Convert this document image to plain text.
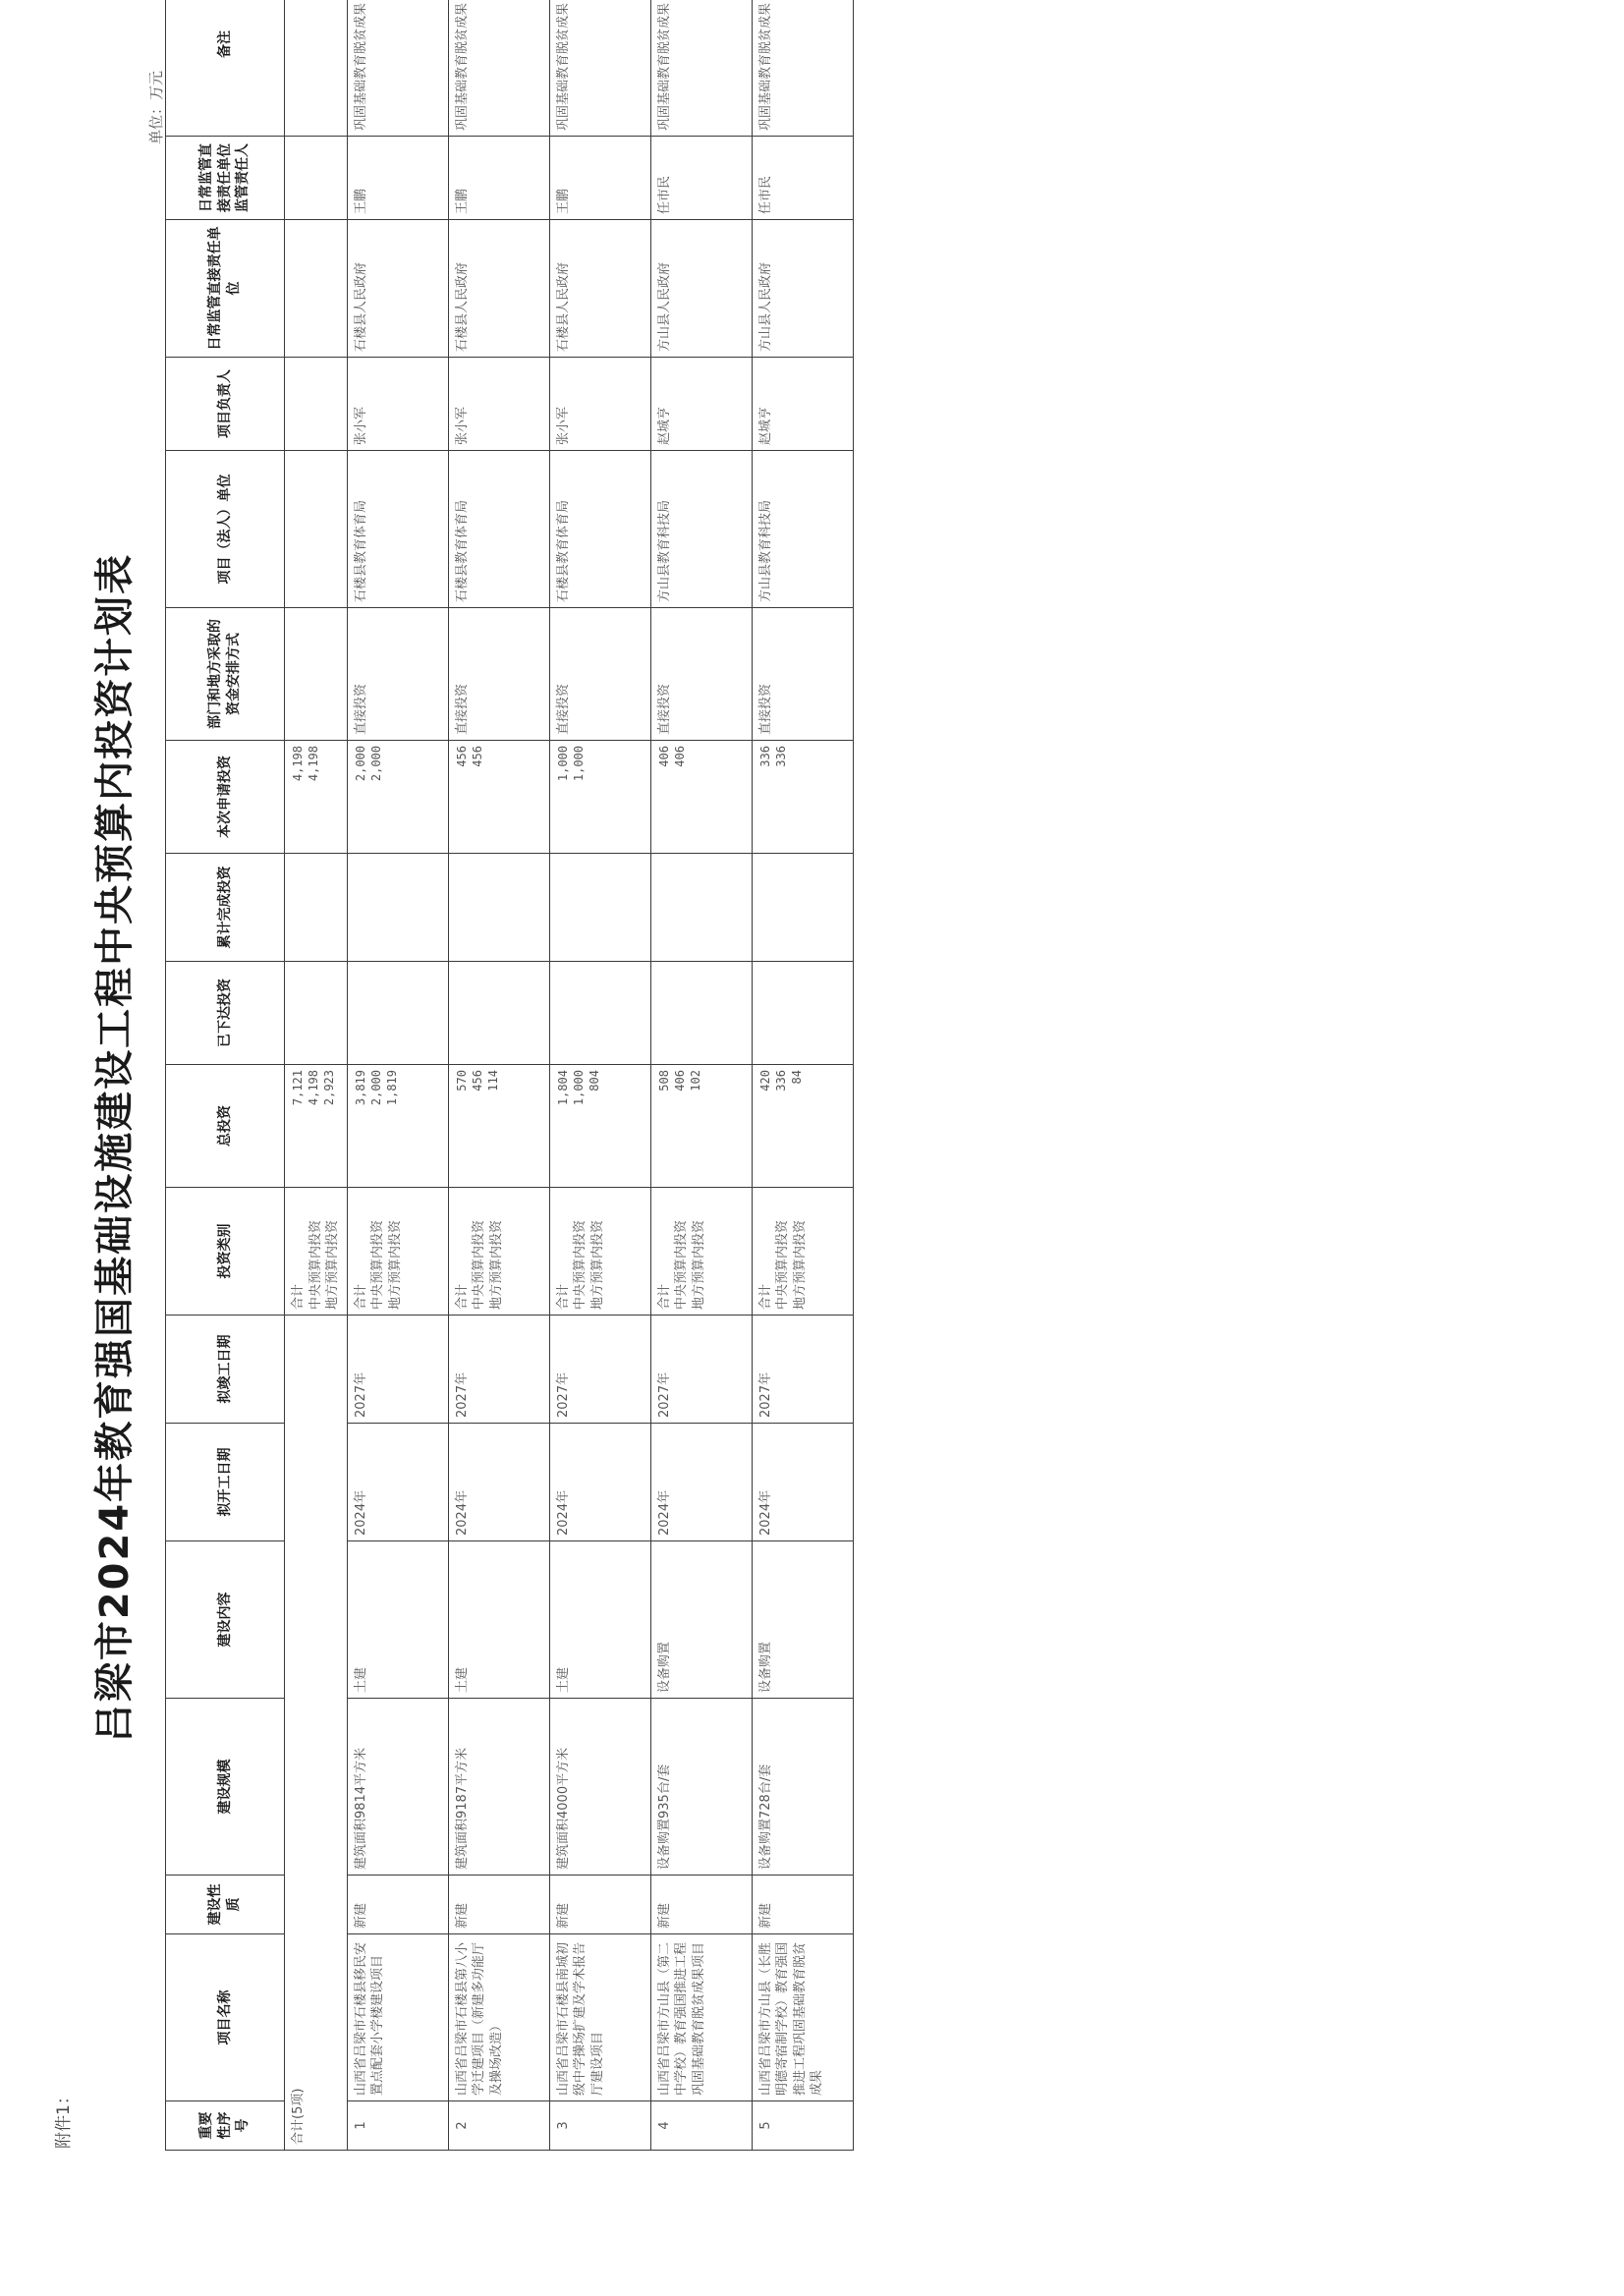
附件1：
吕梁市2024年教育强国基础设施建设工程中央预算内投资计划表
单位：万元
重要性序号	项目名称	建设性质	建设规模	建设内容	拟开工日期	拟竣工日期	投资类别	总投资	已下达投资	累计完成投资	本次申请投资	部门和地方采取的资金安排方式	项目（法人）单位	项目负责人	日常监管直接责任单位	日常监管直接责任单位监管责任人	备注
合计(5项)							合计 中央预算内投资 地方预算内投资	7,121 4,198 2,923			4,198 4,198						

1	山西省吕梁市石楼县移民安置点配套小学楼建设项目	新建	建筑面积9814平方米	土建	2024年	2027年	合计 中央预算内投资 地方预算内投资	3,819 2,000 1,819			2,000 2,000	直接投资	石楼县教育体育局	张小军	石楼县人民政府	王鹏	巩固基础教育脱贫成果
2	山西省吕梁市石楼县第八小学迁建项目（新建多功能厅及操场改造）	新建	建筑面积9187平方米	土建	2024年	2027年	合计 中央预算内投资 地方预算内投资	570 456 114			456 456	直接投资	石楼县教育体育局	张小军	石楼县人民政府	王鹏	巩固基础教育脱贫成果
3	山西省吕梁市石楼县南城初级中学操场扩建及学术报告厅建设项目	新建	建筑面积4000平方米	土建	2024年	2027年	合计 中央预算内投资 地方预算内投资	1,804 1,000 804			1,000 1,000	直接投资	石楼县教育体育局	张小军	石楼县人民政府	王鹏	巩固基础教育脱贫成果
4	山西省吕梁市方山县（第二中学校）教育强国推进工程巩固基础教育脱贫成果项目	新建	设备购置935台/套	设备购置	2024年	2027年	合计 中央预算内投资 地方预算内投资	508 406 102			406 406	直接投资	方山县教育科技局	赵城亨	方山县人民政府	任市民	巩固基础教育脱贫成果
5	山西省吕梁市方山县（长胜明德寄宿制学校）教育强国推进工程巩固基础教育脱贫成果	新建	设备购置728台/套	设备购置	2024年	2027年	合计 中央预算内投资 地方预算内投资	420 336 84			336 336	直接投资	方山县教育科技局	赵城亨	方山县人民政府	任市民	巩固基础教育脱贫成果
